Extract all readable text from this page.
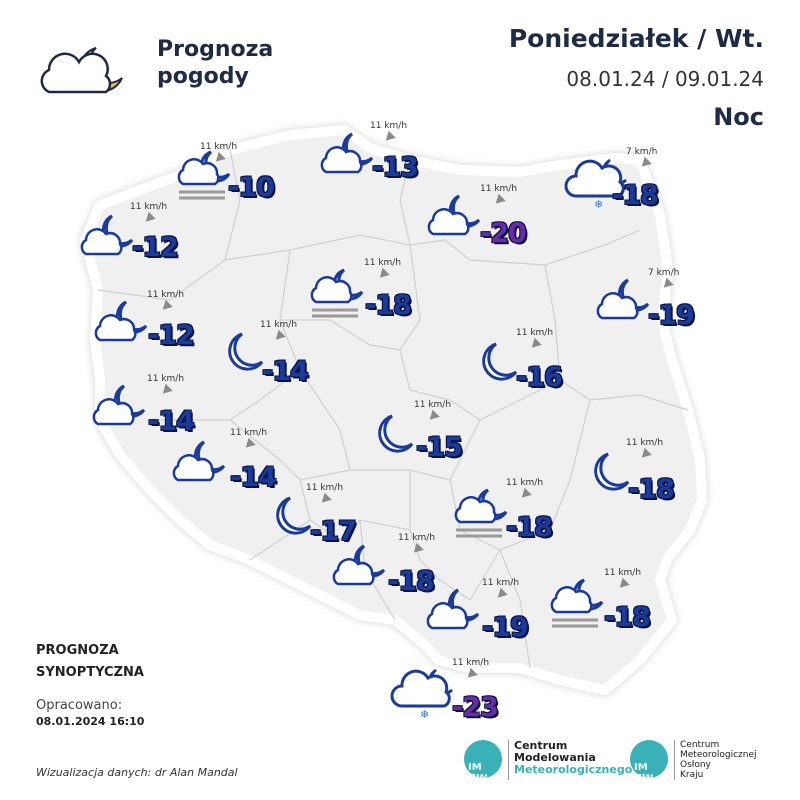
Prognoza
pogody
Poniedziałek / Wt.
08.01.24 / 09.01.24
Noc
11 km/h
-10
11 km/h
-13
❄
7 km/h
-18
11 km/h
-12
11 km/h
-20
11 km/h
-18
7 km/h
-19
11 km/h
-12	11 km/h
-14
11 km/h
-16
11 km/h
-14
11 km/h
-15
11 km/h
-14
11 km/h
-18
11 km/h
-17
11 km/h
-18
11 km/h
-18	11 km/h
-19
11 km/h
-18
❄
11 km/h
-23
PROGNOZA
SYNOPTYCZNA
Opracowano:
08.01.2024 16:10
Wizualizacja danych: dr Alan Mandal	IM GW
Centrum
Modelowania
Meteorologicznego IM GW
Centrum
Meteorologicznej
Osłony
Kraju
